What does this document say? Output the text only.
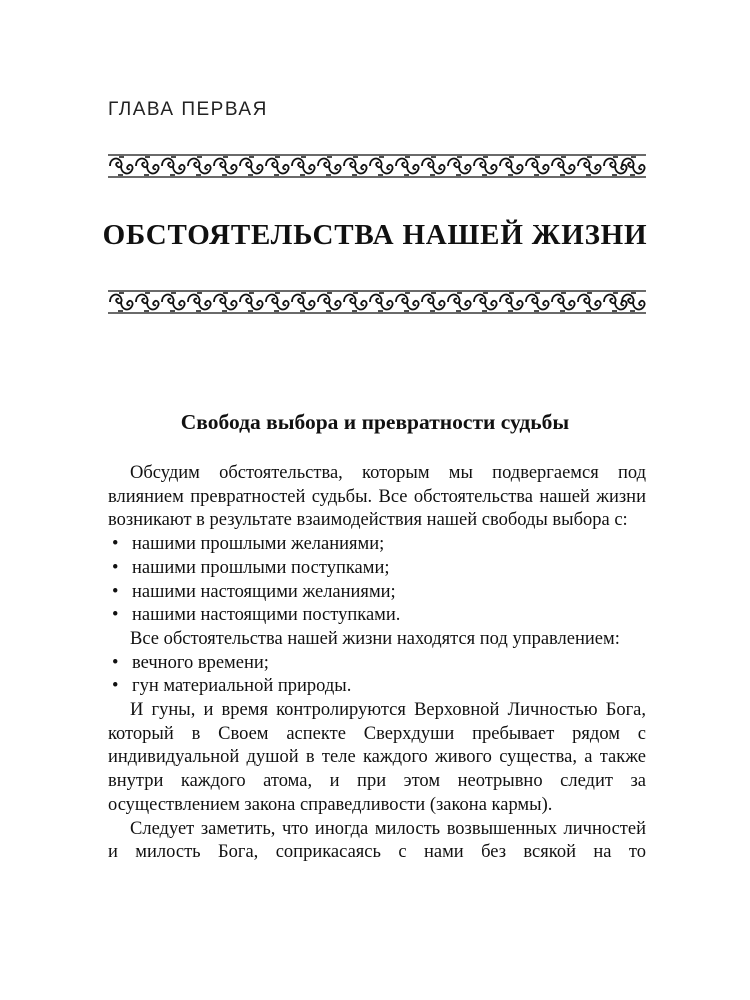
ГЛАВА ПЕРВАЯ
ОБСТОЯТЕЛЬСТВА НАШЕЙ ЖИЗНИ
Свобода выбора и превратности судьбы

Обсудим обстоятельства, которым мы подвергаемся под влиянием превратностей судьбы. Все обстоятельства нашей жизни возникают в результате взаимодействия нашей свободы выбора с:

• нашими прошлыми желаниями;
• нашими прошлыми поступками;
• нашими настоящими желаниями;
• нашими настоящими поступками.

Все обстоятельства нашей жизни находятся под управлением:

• вечного времени;
• гун материальной природы.

И гуны, и время контролируются Верховной Личностью Бога, который в Своем аспекте Сверхдуши пребывает рядом с индивидуальной душой в теле каждого живого существа, а также внутри каждого атома, и при этом неотрывно следит за осуществлением закона справедливости (закона кармы).

Следует заметить, что иногда милость возвышенных личностей и милость Бога, соприкасаясь с нами без всякой на то
